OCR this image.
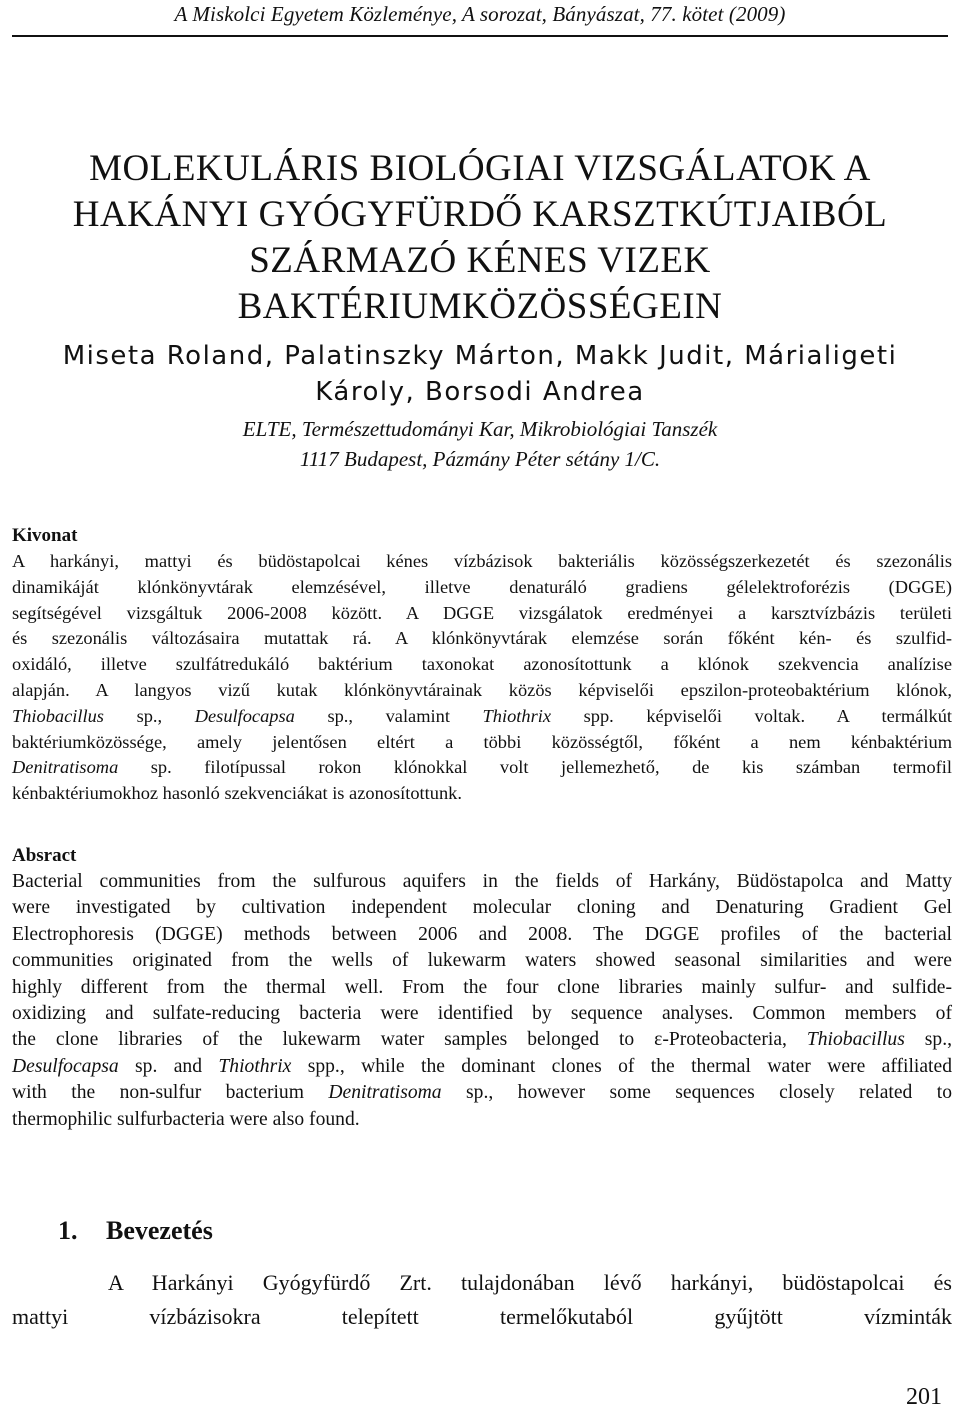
A Miskolci Egyetem Közleménye, A sorozat, Bányászat, 77. kötet (2009)
MOLEKULÁRIS BIOLÓGIAI VIZSGÁLATOK A
HAKÁNYI GYÓGYFÜRDŐ KARSZTKÚTJAIBÓL
SZÁRMAZÓ KÉNES VIZEK
BAKTÉRIUMKÖZÖSSÉGEIN
Miseta Roland, Palatinszky Márton, Makk Judit, Márialigeti
Károly, Borsodi Andrea
ELTE, Természettudományi Kar, Mikrobiológiai Tanszék
1117 Budapest, Pázmány Péter sétány 1/C.
Kivonat
A harkányi, mattyi és büdöstapolcai kénes vízbázisok bakteriális közösségszerkezetét és szezonális
dinamikáját klónkönyvtárak elemzésével, illetve denaturáló gradiens gélelektroforézis (DGGE)
segítségével vizsgáltuk 2006-2008 között. A DGGE vizsgálatok eredményei a karsztvízbázis területi
és szezonális változásaira mutattak rá. A klónkönyvtárak elemzése során főként kén- és szulfid-
oxidáló, illetve szulfátredukáló baktérium taxonokat azonosítottunk a klónok szekvencia analízise
alapján. A langyos vizű kutak klónkönyvtárainak közös képviselői epszilon-proteobaktérium klónok,
Thiobacillus sp., Desulfocapsa sp., valamint Thiothrix spp. képviselői voltak. A termálkút
baktériumközössége, amely jelentősen eltért a többi közösségtől, főként a nem kénbaktérium
Denitratisoma sp. filotípussal rokon klónokkal volt jellemezhető, de kis számban termofil
kénbaktériumokhoz hasonló szekvenciákat is azonosítottunk.
Absract
Bacterial communities from the sulfurous aquifers in the fields of Harkány, Büdöstapolca and Matty
were investigated by cultivation independent molecular cloning and Denaturing Gradient Gel
Electrophoresis (DGGE) methods between 2006 and 2008. The DGGE profiles of the bacterial
communities originated from the wells of lukewarm waters showed seasonal similarities and were
highly different from the thermal well. From the four clone libraries mainly sulfur- and sulfide-
oxidizing and sulfate-reducing bacteria were identified by sequence analyses. Common members of
the clone libraries of the lukewarm water samples belonged to ε-Proteobacteria, Thiobacillus sp.,
Desulfocapsa sp. and Thiothrix spp., while the dominant clones of the thermal water were affiliated
with the non-sulfur bacterium Denitratisoma sp., however some sequences closely related to
thermophilic sulfurbacteria were also found.
1. Bevezetés
A Harkányi Gyógyfürdő Zrt. tulajdonában lévő harkányi, büdöstapolcai és
mattyi vízbázisokra telepített termelőkutaból gyűjtött vízminták
201
